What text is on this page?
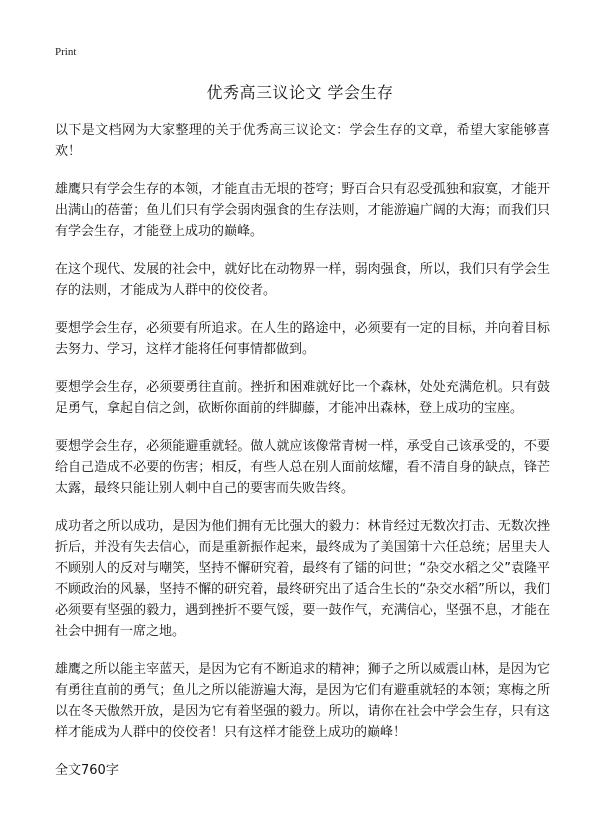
Print
优秀高三议论文 学会生存

以下是文档网为大家整理的关于优秀高三议论文：学会生存的文章，希望大家能够喜欢！

雄鹰只有学会生存的本领，才能直击无垠的苍穹；野百合只有忍受孤独和寂寞，才能开出满山的蓓蕾；鱼儿们只有学会弱肉强食的生存法则，才能游遍广阔的大海；而我们只有学会生存，才能登上成功的巅峰。

在这个现代、发展的社会中，就好比在动物界一样，弱肉强食，所以，我们只有学会生存的法则，才能成为人群中的佼佼者。

要想学会生存，必须要有所追求。在人生的路途中，必须要有一定的目标，并向着目标去努力、学习，这样才能将任何事情都做到。

要想学会生存，必须要勇往直前。挫折和困难就好比一个森林，处处充满危机。只有鼓足勇气，拿起自信之剑，砍断你面前的绊脚藤，才能冲出森林，登上成功的宝座。

要想学会生存，必须能避重就轻。做人就应该像常青树一样，承受自己该承受的，不要给自己造成不必要的伤害；相反，有些人总在别人面前炫耀，看不清自身的缺点，锋芒太露，最终只能让别人刺中自己的要害而失败告终。

成功者之所以成功，是因为他们拥有无比强大的毅力：林肯经过无数次打击、无数次挫折后，并没有失去信心，而是重新振作起来，最终成为了美国第十六任总统；居里夫人不顾别人的反对与嘲笑，坚持不懈研究着，最终有了镭的问世；“杂交水稻之父”袁隆平不顾政治的风暴，坚持不懈的研究着，最终研究出了适合生长的“杂交水稻”所以，我们必须要有坚强的毅力，遇到挫折不要气馁，要一鼓作气，充满信心，坚强不息，才能在社会中拥有一席之地。

雄鹰之所以能主宰蓝天，是因为它有不断追求的精神；狮子之所以威震山林，是因为它有勇往直前的勇气；鱼儿之所以能游遍大海，是因为它们有避重就轻的本领；寒梅之所以在冬天傲然开放，是因为它有着坚强的毅力。所以，请你在社会中学会生存，只有这样才能成为人群中的佼佼者！只有这样才能登上成功的巅峰！

全文760字
